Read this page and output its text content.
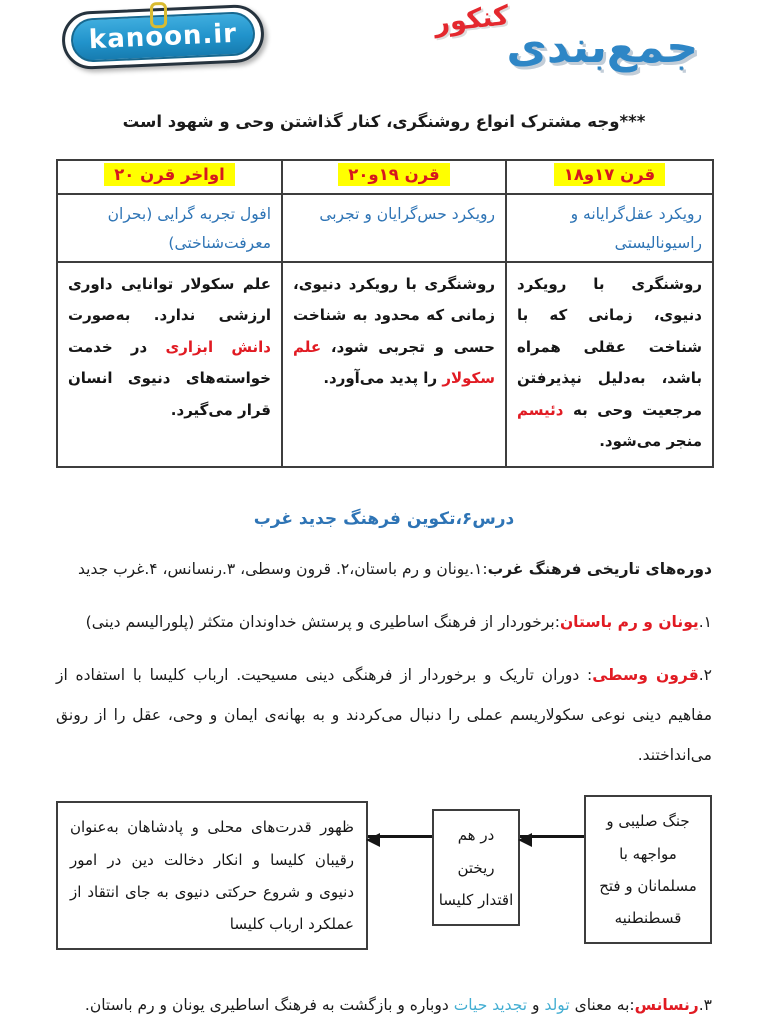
kanoon.ir	کنکور
جمع‌بندی

***وجه مشترک انواع روشنگری، کنار گذاشتن وحی و شهود است

قرن ۱۷و۱۸	قرن ۱۹و۲۰	اواخر قرن ۲۰
رویکرد عقل‌گرایانه و راسیونالیستی	رویکرد حس‌گرایان و تجربی	افول تجربه گرایی (بحران معرفت‌شناختی)
روشنگری با رویکرد دنیوی، زمانی که با شناخت عقلی همراه باشد، به‌دلیل نپذیرفتن مرجعیت وحی به دئیسم منجر می‌شود.	روشنگری با رویکرد دنیوی، زمانی که محدود به شناخت حسی و تجربی شود، علم سکولار را پدید می‌آورد.	علم سکولار توانایی داوری ارزشی ندارد. به‌صورت دانش ابزاری در خدمت خواسته‌های دنیوی انسان قرار می‌گیرد.
درس۶،تکوین فرهنگ جدید غرب

دوره‌های تاریخی فرهنگ غرب:۱.یونان و رم باستان،۲. قرون وسطی، ۳.رنسانس، ۴.غرب جدید

۱.یونان و رم باستان:برخوردار از فرهنگ اساطیری و پرستش خداوندان متکثر (پلورالیسم دینی)

۲.قرون وسطی: دوران تاریک و برخوردار از فرهنگی دینی مسیحیت. ارباب کلیسا با استفاده از مفاهیم دینی نوعی سکولاریسم عملی را دنبال می‌کردند و به بهانه‌ی ایمان و وحی، عقل را از رونق می‌انداختند.

جنگ صلیبی و مواجهه با مسلمانان و فتح قسطنطنیه
در هم ریختن اقتدار کلیسا
ظهور قدرت‌های محلی و پادشاهان به‌عنوان رقیبان کلیسا و انکار دخالت دین در امور دنیوی و شروع حرکتی دنیوی به جای انتقاد از عملکرد ارباب کلیسا

۳.رنسانس:به معنای تولد و تجدید حیات دوباره و بازگشت به فرهنگ اساطیری یونان و رم باستان.
